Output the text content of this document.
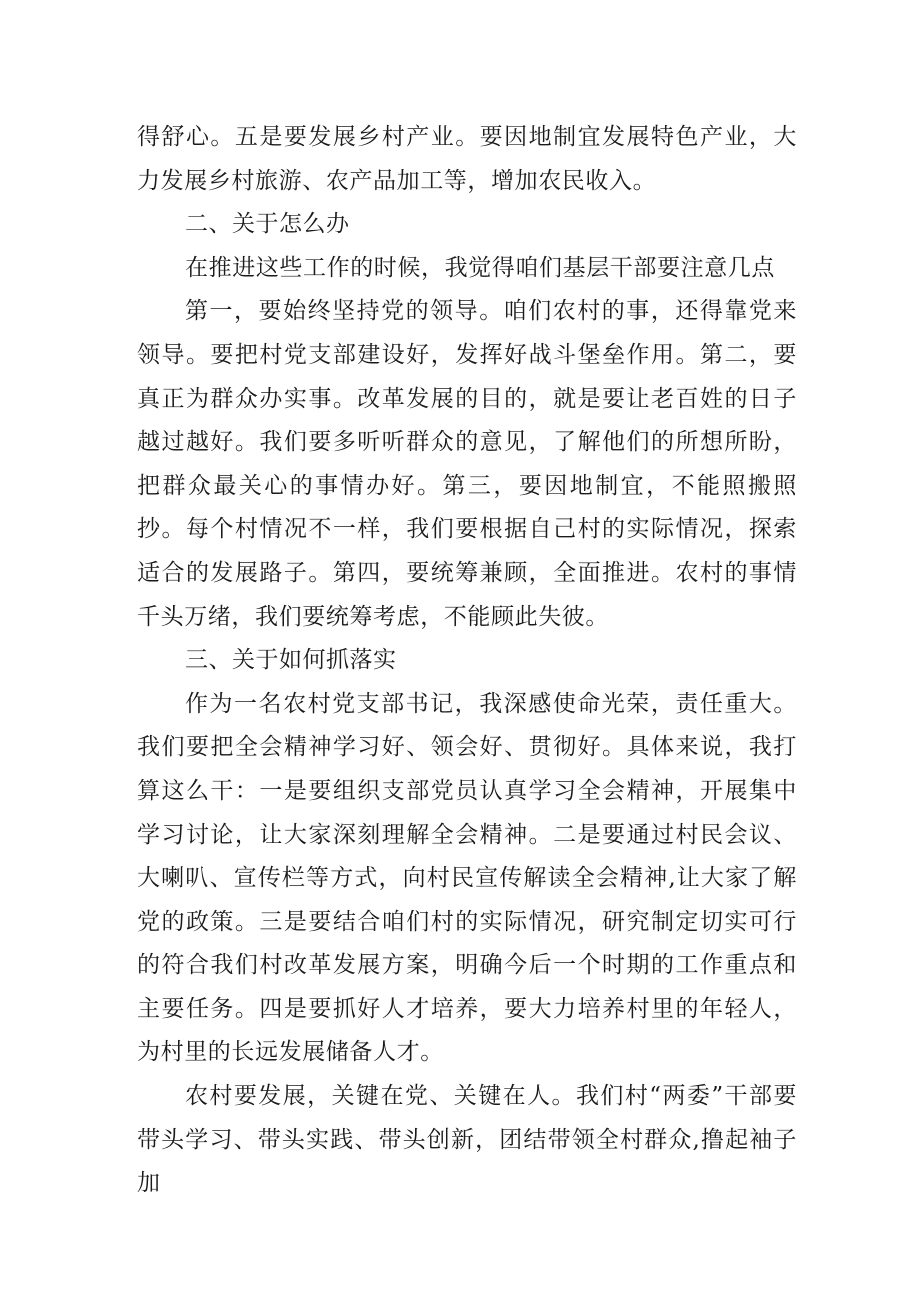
得舒心。五是要发展乡村产业。要因地制宜发展特色产业，大力发展乡村旅游、农产品加工等，增加农民收入。

二、关于怎么办

在推进这些工作的时候，我觉得咱们基层干部要注意几点

第一，要始终坚持党的领导。咱们农村的事，还得靠党来领导。要把村党支部建设好，发挥好战斗堡垒作用。第二，要真正为群众办实事。改革发展的目的，就是要让老百姓的日子越过越好。我们要多听听群众的意见，了解他们的所想所盼，把群众最关心的事情办好。第三，要因地制宜，不能照搬照抄。每个村情况不一样，我们要根据自己村的实际情况，探索适合的发展路子。第四，要统筹兼顾，全面推进。农村的事情千头万绪，我们要统筹考虑，不能顾此失彼。

三、关于如何抓落实

作为一名农村党支部书记，我深感使命光荣，责任重大。我们要把全会精神学习好、领会好、贯彻好。具体来说，我打算这么干：一是要组织支部党员认真学习全会精神，开展集中学习讨论，让大家深刻理解全会精神。二是要通过村民会议、大喇叭、宣传栏等方式，向村民宣传解读全会精神,让大家了解党的政策。三是要结合咱们村的实际情况，研究制定切实可行的符合我们村改革发展方案，明确今后一个时期的工作重点和主要任务。四是要抓好人才培养，要大力培养村里的年轻人，为村里的长远发展储备人才。

农村要发展，关键在党、关键在人。我们村“两委”干部要带头学习、带头实践、带头创新，团结带领全村群众,撸起袖子加
